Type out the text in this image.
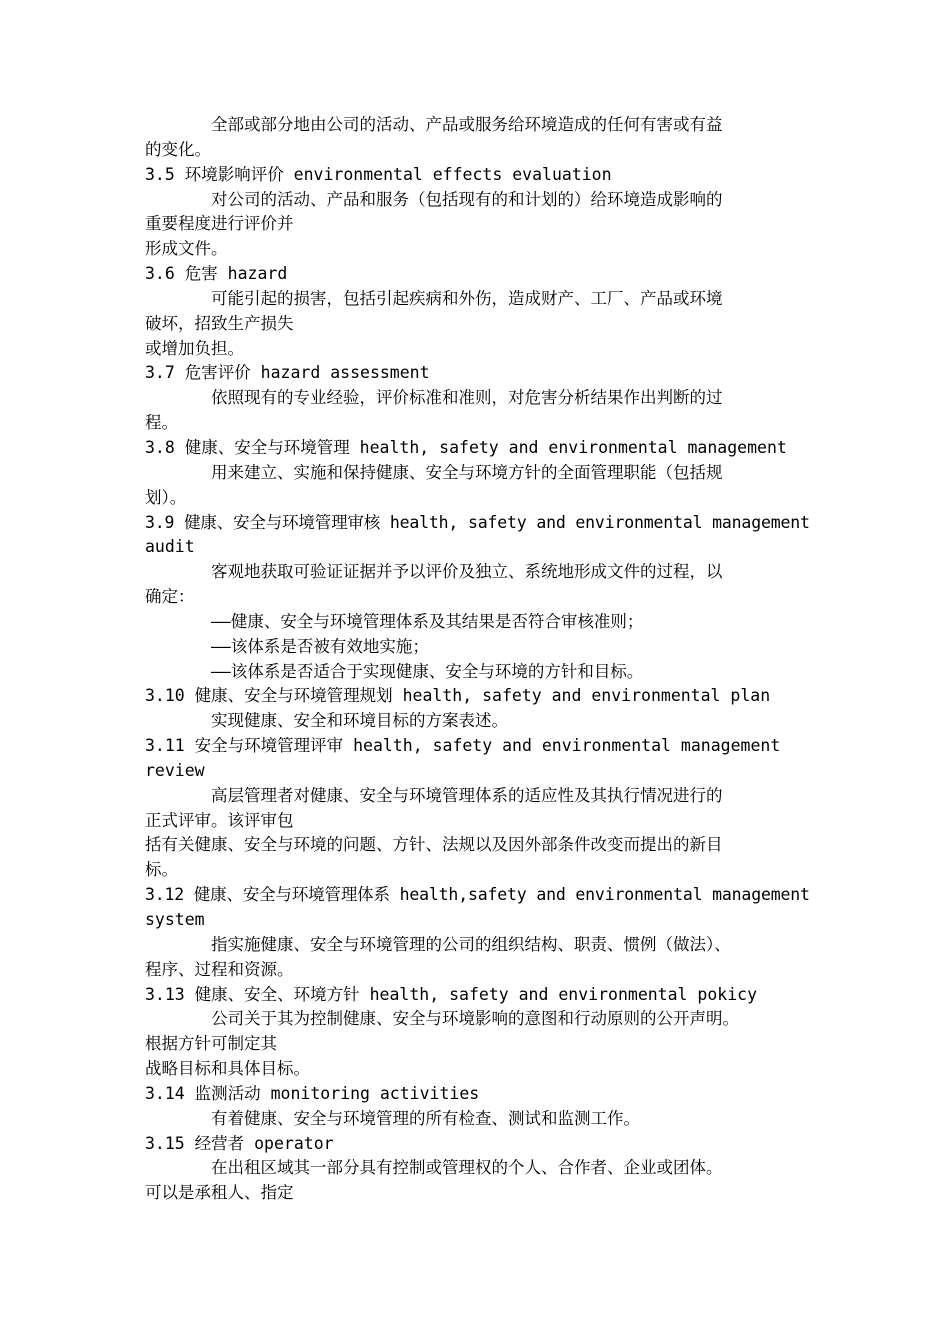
全部或部分地由公司的活动、产品或服务给环境造成的任何有害或有益
的变化。
3.5 环境影响评价 environmental effects evaluation
对公司的活动、产品和服务（包括现有的和计划的）给环境造成影响的
重要程度进行评价并
形成文件。
3.6 危害 hazard
可能引起的损害，包括引起疾病和外伤，造成财产、工厂、产品或环境
破坏，招致生产损失
或增加负担。
3.7 危害评价 hazard assessment
依照现有的专业经验，评价标准和准则，对危害分析结果作出判断的过
程。
3.8 健康、安全与环境管理 health, safety and environmental management
用来建立、实施和保持健康、安全与环境方针的全面管理职能（包括规
划）。
3.9 健康、安全与环境管理审核 health, safety and environmental management
audit
客观地获取可验证证据并予以评价及独立、系统地形成文件的过程，以
确定：
——健康、安全与环境管理体系及其结果是否符合审核准则；
——该体系是否被有效地实施；
——该体系是否适合于实现健康、安全与环境的方针和目标。
3.10 健康、安全与环境管理规划 health, safety and environmental plan
实现健康、安全和环境目标的方案表述。
3.11 安全与环境管理评审 health, safety and environmental management
review
高层管理者对健康、安全与环境管理体系的适应性及其执行情况进行的
正式评审。该评审包
括有关健康、安全与环境的问题、方针、法规以及因外部条件改变而提出的新目
标。
3.12 健康、安全与环境管理体系 health,safety and environmental management
system
指实施健康、安全与环境管理的公司的组织结构、职责、惯例（做法）、
程序、过程和资源。
3.13 健康、安全、环境方针 health, safety and environmental pokicy
公司关于其为控制健康、安全与环境影响的意图和行动原则的公开声明。
根据方针可制定其
战略目标和具体目标。
3.14 监测活动 monitoring activities
有着健康、安全与环境管理的所有检查、测试和监测工作。
3.15 经营者 operator
在出租区域其一部分具有控制或管理权的个人、合作者、企业或团体。
可以是承租人、指定
